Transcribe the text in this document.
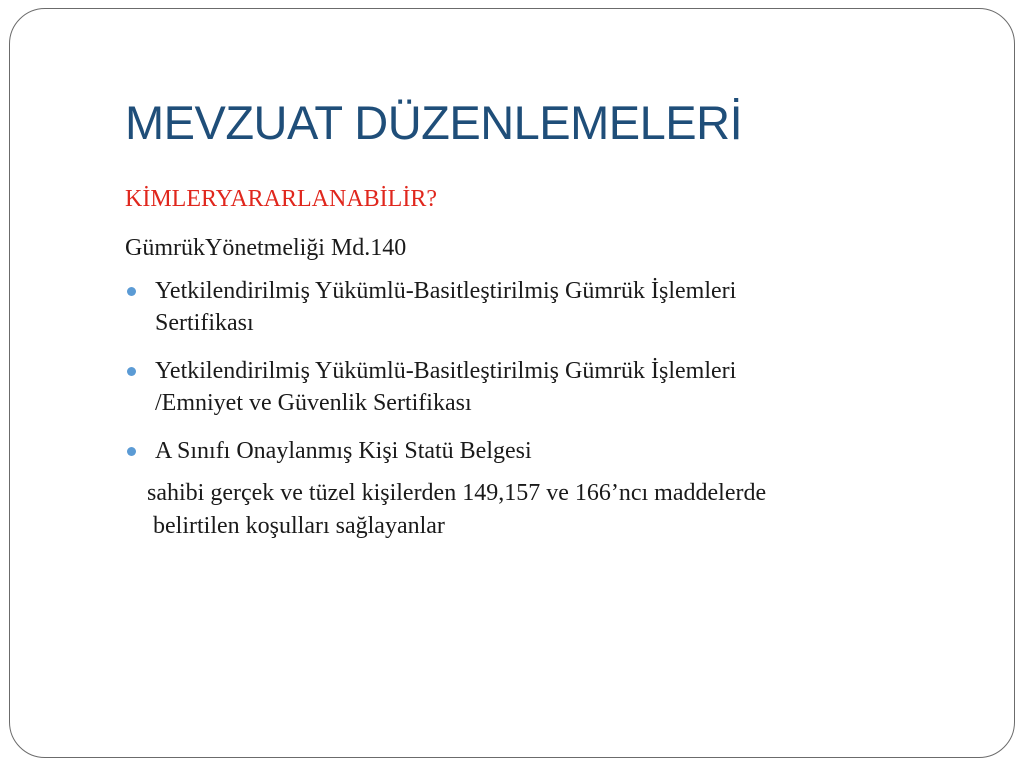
MEVZUAT DÜZENLEMELERİ

KİMLERYARARLANABİLİR?

GümrükYönetmeliği Md.140

Yetkilendirilmiş Yükümlü-Basitleştirilmiş Gümrük İşlemleri
Sertifikası
Yetkilendirilmiş Yükümlü-Basitleştirilmiş Gümrük İşlemleri
/Emniyet ve Güvenlik Sertifikası
A Sınıfı Onaylanmış Kişi Statü Belgesi
sahibi gerçek ve tüzel kişilerden 149,157 ve 166’ncı maddelerde
belirtilen koşulları sağlayanlar
